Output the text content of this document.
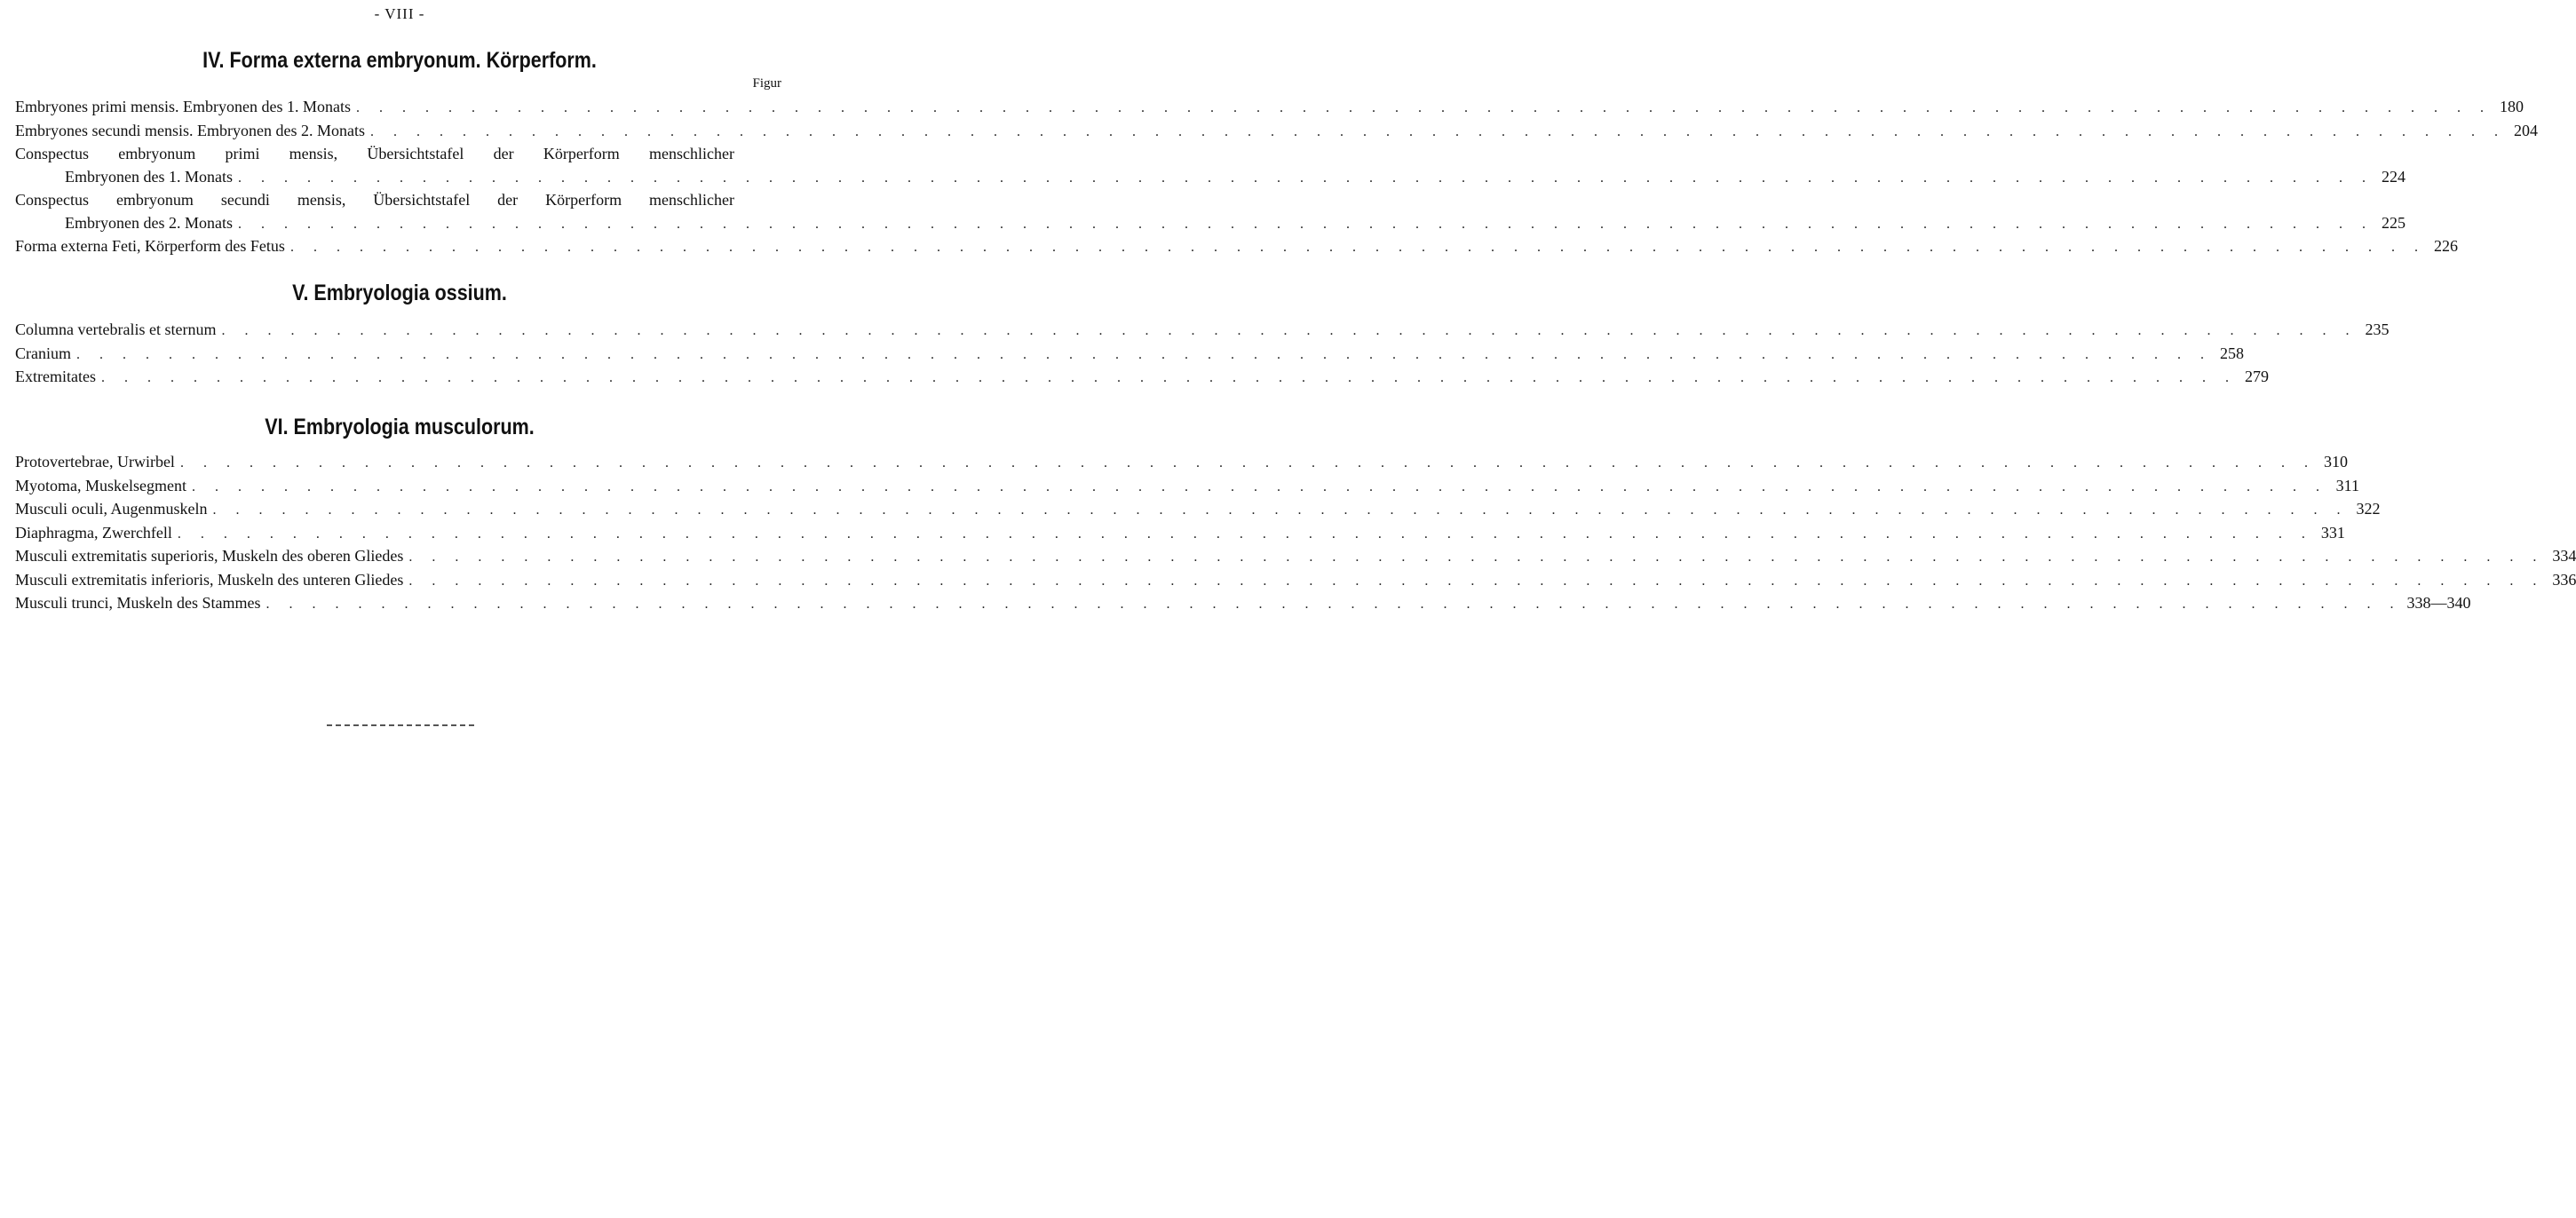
- VIII -
IV. Forma externa embryonum. Körperform.
Figur
Embryones primi mensis. Embryonen des 1. Monats . . . . . . . . . . . . . . . . . . . . . . . . . . . . . . . . . . . . . . . . . . . . . . . . . . . . . . . . . . . . . . . . . . . . . . . . . . . . . . . . . . . . . . . . . . . . . 180
Embryones secundi mensis. Embryonen des 2. Monats . . . . . . . . . . . . . . . . . . . . . . . . . . . . . . . . . . . . . . . . . . . . . . . . . . . . . . . . . . . . . . . . . . . . . . . . . . . . . . . . . . . . . . . . . . . . . 204
Conspectus embryonum primi mensis, Übersichtstafel der Körperform menschlicher
Embryonen des 1. Monats . . . . . . . . . . . . . . . . . . . . . . . . . . . . . . . . . . . . . . . . . . . . . . . . . . . . . . . . . . . . . . . . . . . . . . . . . . . . . . . . . . . . . . . . . . . . . 224
Conspectus embryonum secundi mensis, Übersichtstafel der Körperform menschlicher
Embryonen des 2. Monats . . . . . . . . . . . . . . . . . . . . . . . . . . . . . . . . . . . . . . . . . . . . . . . . . . . . . . . . . . . . . . . . . . . . . . . . . . . . . . . . . . . . . . . . . . . . . 225
Forma externa Feti, Körperform des Fetus . . . . . . . . . . . . . . . . . . . . . . . . . . . . . . . . . . . . . . . . . . . . . . . . . . . . . . . . . . . . . . . . . . . . . . . . . . . . . . . . . . . . . . . . . . . . . 226
V. Embryologia ossium.
Columna vertebralis et sternum . . . . . . . . . . . . . . . . . . . . . . . . . . . . . . . . . . . . . . . . . . . . . . . . . . . . . . . . . . . . . . . . . . . . . . . . . . . . . . . . . . . . . . . . . . . . . 235
Cranium . . . . . . . . . . . . . . . . . . . . . . . . . . . . . . . . . . . . . . . . . . . . . . . . . . . . . . . . . . . . . . . . . . . . . . . . . . . . . . . . . . . . . . . . . . . . . 258
Extremitates . . . . . . . . . . . . . . . . . . . . . . . . . . . . . . . . . . . . . . . . . . . . . . . . . . . . . . . . . . . . . . . . . . . . . . . . . . . . . . . . . . . . . . . . . . . . . 279
VI. Embryologia musculorum.
Protovertebrae, Urwirbel . . . . . . . . . . . . . . . . . . . . . . . . . . . . . . . . . . . . . . . . . . . . . . . . . . . . . . . . . . . . . . . . . . . . . . . . . . . . . . . . . . . . . . . . . . . . . 310
Myotoma, Muskelsegment . . . . . . . . . . . . . . . . . . . . . . . . . . . . . . . . . . . . . . . . . . . . . . . . . . . . . . . . . . . . . . . . . . . . . . . . . . . . . . . . . . . . . . . . . . . . . 311
Musculi oculi, Augenmuskeln . . . . . . . . . . . . . . . . . . . . . . . . . . . . . . . . . . . . . . . . . . . . . . . . . . . . . . . . . . . . . . . . . . . . . . . . . . . . . . . . . . . . . . . . . . . . . 322
Diaphragma, Zwerchfell . . . . . . . . . . . . . . . . . . . . . . . . . . . . . . . . . . . . . . . . . . . . . . . . . . . . . . . . . . . . . . . . . . . . . . . . . . . . . . . . . . . . . . . . . . . . . 331
Musculi extremitatis superioris, Muskeln des oberen Gliedes . . . . . . . . . . . . . . . . . . . . . . . . . . . . . . . . . . . . . . . . . . . . . . . . . . . . . . . . . . . . . . . . . . . . . . . . . . . . . . . . . . . . . . . . . . . . . 334
Musculi extremitatis inferioris, Muskeln des unteren Gliedes . . . . . . . . . . . . . . . . . . . . . . . . . . . . . . . . . . . . . . . . . . . . . . . . . . . . . . . . . . . . . . . . . . . . . . . . . . . . . . . . . . . . . . . . . . . . . 336
Musculi trunci, Muskeln des Stammes . . . . . . . . . . . . . . . . . . . . . . . . . . . . . . . . . . . . . . . . . . . . . . . . . . . . . . . . . . . . . . . . . . . . . . . . . . . . . . . . . . . . . . . . . . . . . 338—340
